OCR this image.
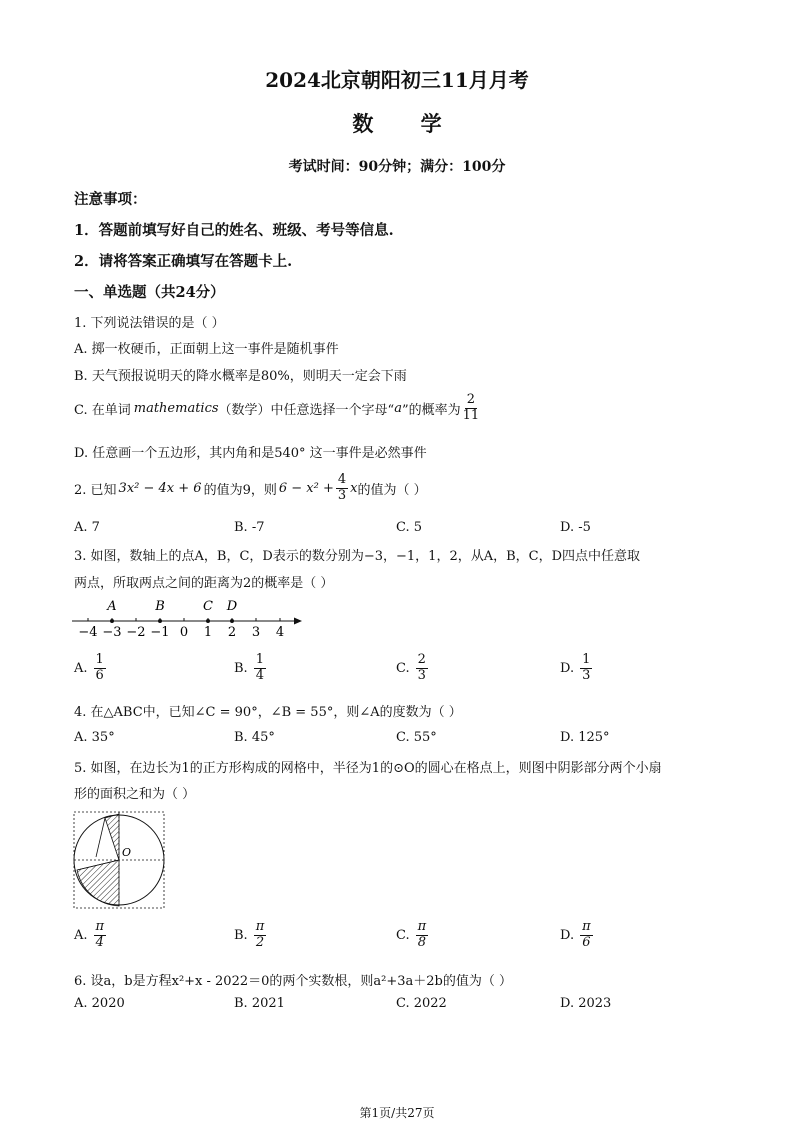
2024北京朝阳初三11月月考
数 学
考试时间：90分钟；满分：100分
注意事项：
1．答题前填写好自己的姓名、班级、考号等信息.
2．请将答案正确填写在答题卡上.
一、单选题（共24分）
1. 下列说法错误的是（ ）
A. 掷一枚硬币，正面朝上这一事件是随机事件
B. 天气预报说明天的降水概率是80%，则明天一定会下雨
C. 在单词 mathematics （数学）中任意选择一个字母“ a ”的概率为 $\frac{2}{11}$
D. 任意画一个五边形，其内角和是540° 这一事件是必然事件
2. 已知 3x² − 4x + 6 的值为9，则 $6 - x^2 + \frac{4}{3}$ x 的值为（ ）
A. 7	B. -7	C. 5	D. -5
3. 如图，数轴上的点A，B，C，D表示的数分别为−3，−1，1，2，从A，B，C，D四点中任意取
两点，所取两点之间的距离为2的概率是（ ）
A	B	C D
−4 −3 −2 −1 0 1 2 3 4
A. $\frac{1}{6}$	B. $\frac{1}{4}$	C. $\frac{2}{3}$	D. $\frac{1}{3}$
4. 在△ABC中，已知∠C = 90°，∠B = 55°，则∠A的度数为（ ）
A. 35°	B. 45°	C. 55°	D. 125°
5. 如图，在边长为1的正方形构成的网格中，半径为1的⊙O的圆心在格点上，则图中阴影部分两个小扇
形的面积之和为（ ）
O
A. $\frac{\pi}{4}$	B. $\frac{\pi}{2}$	C. $\frac{\pi}{8}$	D. $\frac{\pi}{6}$
6. 设a，b是方程x²+x - 2022＝0的两个实数根，则a²+3a＋2b的值为（ ）
A. 2020	B. 2021	C. 2022	D. 2023
第1页/共27页
